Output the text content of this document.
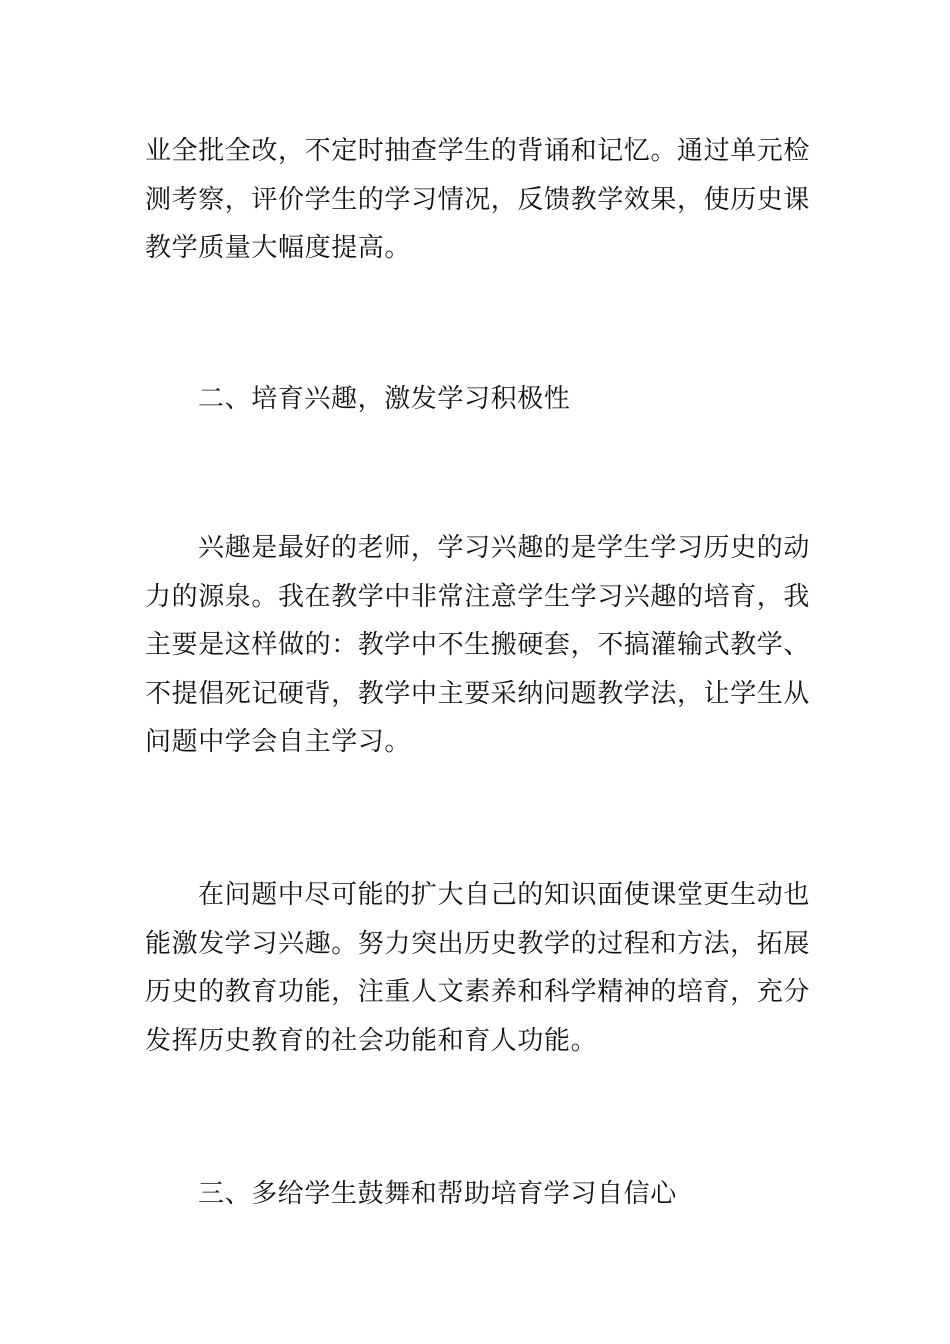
业全批全改，不定时抽查学生的背诵和记忆。通过单元检测考察，评价学生的学习情况，反馈教学效果，使历史课教学质量大幅度提高。

二、培育兴趣，激发学习积极性

兴趣是最好的老师，学习兴趣的是学生学习历史的动力的源泉。我在教学中非常注意学生学习兴趣的培育，我主要是这样做的：教学中不生搬硬套，不搞灌输式教学、不提倡死记硬背，教学中主要采纳问题教学法，让学生从问题中学会自主学习。

在问题中尽可能的扩大自己的知识面使课堂更生动也能激发学习兴趣。努力突出历史教学的过程和方法，拓展历史的教育功能，注重人文素养和科学精神的培育，充分发挥历史教育的社会功能和育人功能。

三、多给学生鼓舞和帮助培育学习自信心
